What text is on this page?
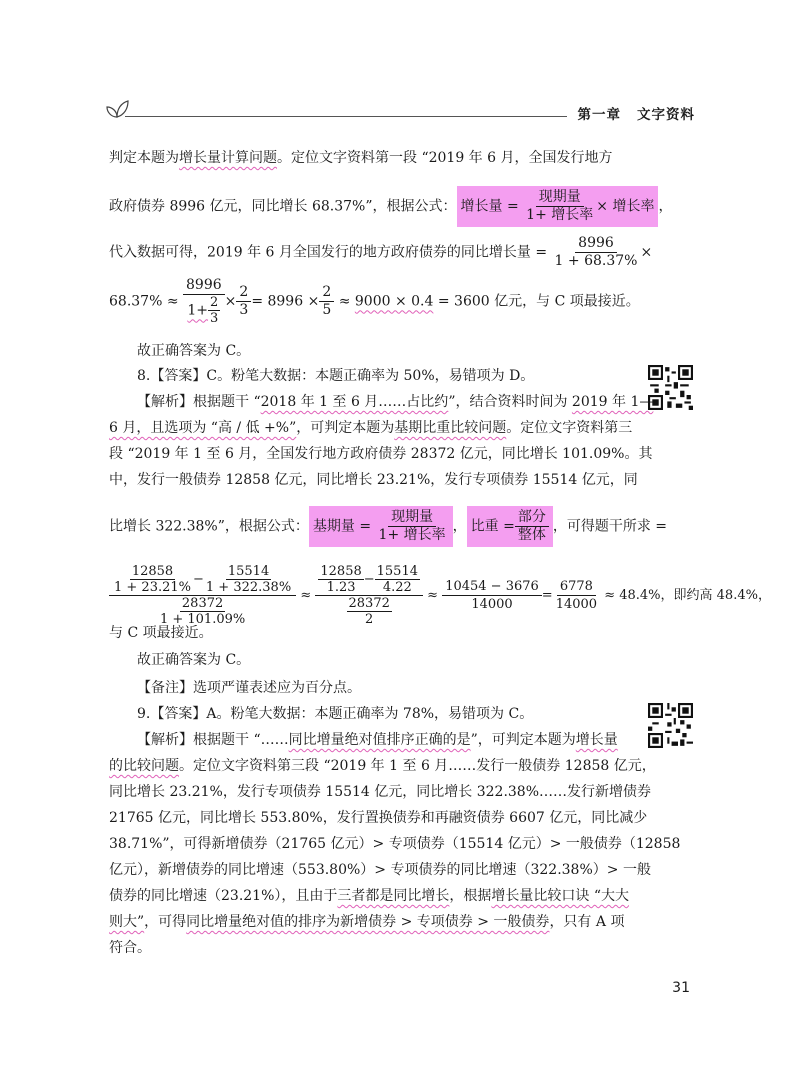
第一章 文字资料
判定本题为增长量计算问题。定位文字资料第一段 “2019 年 6 月，全国发行地方
政府债券 8996 亿元，同比增长 68.37%”，根据公式： 增长量 = $\frac{\text{现期量}}{\text{1+ 增长率}}$ × 增长率 ，
代入数据可得，2019 年 6 月全国发行的地方政府债券的同比增长量 = $\frac{8996}{1 + 68.37\%}$ ×
$68.37\% \approx \frac{8996}{1+ \frac{2}{3}} \times \frac{2}{3} = 8996 \times \frac{2}{5} \approx 9000 \times 0.4 = 3600$ 亿元，与 C 项最接近。
故正确答案为 C。
8.【答案】C。粉笔大数据：本题正确率为 50%，易错项为 D。
【解析】根据题干 “2018 年 1 至 6 月……占比约”，结合资料时间为 2019 年 1—
6 月，且选项为 “高 / 低 +%”，可判定本题为基期比重比较问题。定位文字资料第三
段 “2019 年 1 至 6 月，全国发行地方政府债券 28372 亿元，同比增长 101.09%。其
中，发行一般债券 12858 亿元，同比增长 23.21%，发行专项债券 15514 亿元，同
比增长 322.38%”，根据公式： 基期量 = $\frac{\text{现期量}}{\text{1+ 增长率}}$ ， 比重 = $\frac{\text{部分}}{\text{整体}}$ ，可得题干所求 =
$\frac{\frac{12858}{1 + 23.21\%} - \frac{15514}{1 + 322.38\%}}{\frac{28372}{1 + 101.09\%}} \approx \frac{\frac{12858}{1.23} - \frac{15514}{4.22}}{\frac{28372}{2}} \approx \frac{10454 - 3676}{14000} = \frac{6778}{14000} \approx 48.4\%$，即约高 48.4%，
与 C 项最接近。
故正确答案为 C。
【备注】选项严谨表述应为百分点。
9.【答案】A。粉笔大数据：本题正确率为 78%，易错项为 C。
【解析】根据题干 “……同比增量绝对值排序正确的是”，可判定本题为增长量
的比较问题。定位文字资料第三段 “2019 年 1 至 6 月……发行一般债券 12858 亿元，
同比增长 23.21%，发行专项债券 15514 亿元，同比增长 322.38%……发行新增债券
21765 亿元，同比增长 553.80%，发行置换债券和再融资债券 6607 亿元，同比减少
38.71%”，可得新增债券（21765 亿元）> 专项债券（15514 亿元）> 一般债券（12858
亿元），新增债券的同比增速（553.80%）> 专项债券的同比增速（322.38%）> 一般
债券的同比增速（23.21%），且由于三者都是同比增长，根据增长量比较口诀 “大大
则大”，可得同比增量绝对值的排序为新增债券 > 专项债券 > 一般债券，只有 A 项
符合。
31
